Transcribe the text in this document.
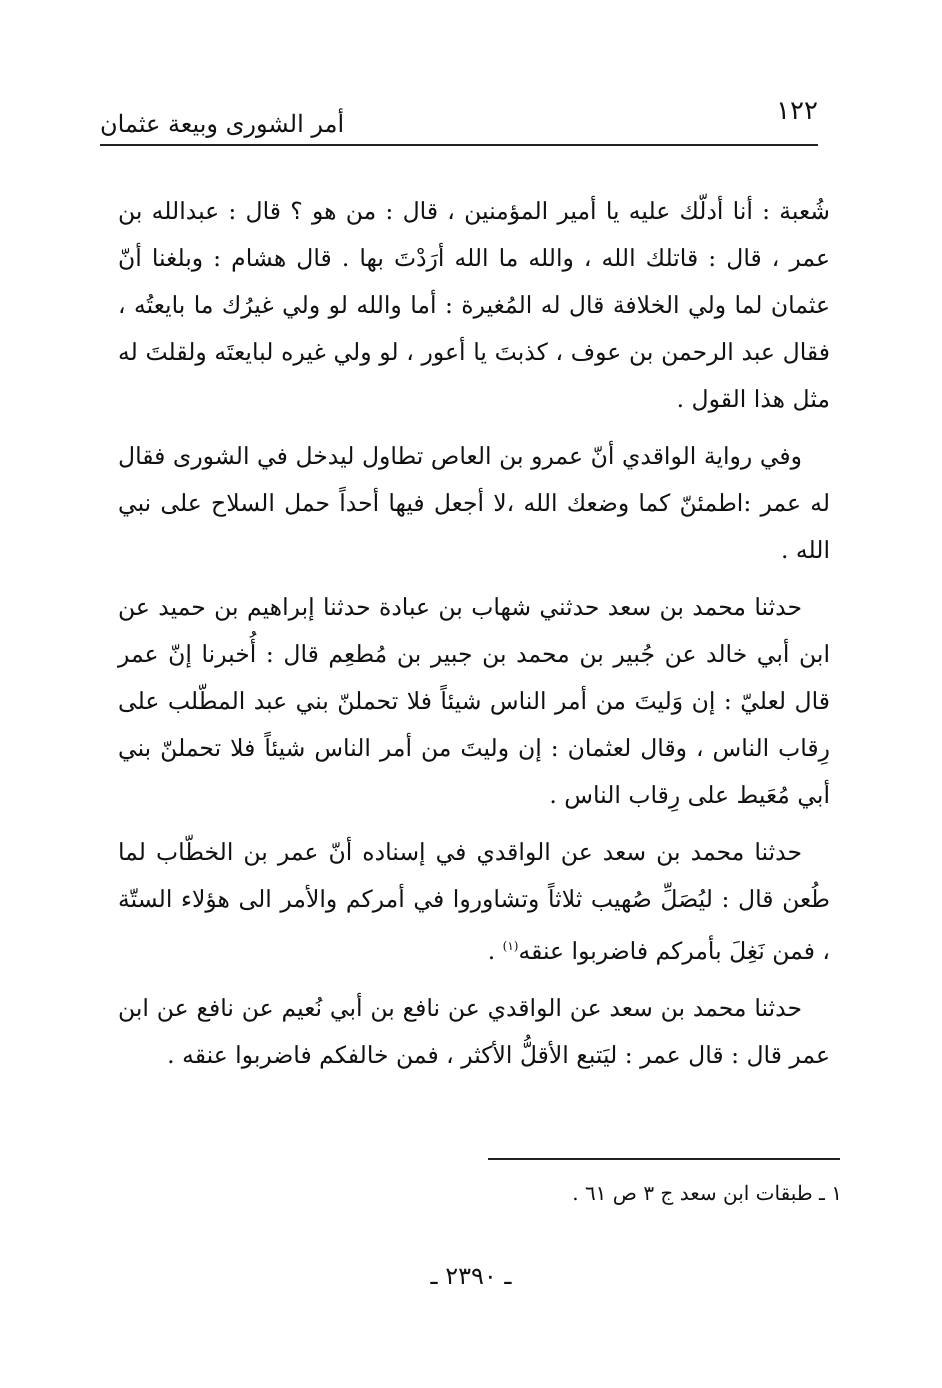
١٢٢
أمر الشورى وبيعة عثمان

شُعبة : أنا أدلّك عليه يا أمير المؤمنين ، قال : من هو ؟ قال : عبدالله بن عمر ، قال : قاتلك الله ، والله ما الله أرَدْتَ بها . قال هشام : وبلغنا أنّ عثمان لما ولي الخلافة قال له المُغيرة : أما والله لو ولي غيرُك ما بايعتُه ، فقال عبد الرحمن بن عوف ، كذبتَ يا أعور ، لو ولي غيره لبايعتَه ولقلتَ له مثل هذا القول .

وفي رواية الواقدي أنّ عمرو بن العاص تطاول ليدخل في الشورى فقال له عمر :اطمئنّ كما وضعك الله ،لا أجعل فيها أحداً حمل السلاح على نبي الله .

حدثنا محمد بن سعد حدثني شهاب بن عبادة حدثنا إبراهيم بن حميد عن ابن أبي خالد عن جُبير بن محمد بن جبير بن مُطعِم قال : أُخبرنا إنّ عمر قال لعليّ : إن وَليتَ من أمر الناس شيئاً فلا تحملنّ بني عبد المطّلب على رِقاب الناس ، وقال لعثمان : إن وليتَ من أمر الناس شيئاً فلا تحملنّ بني أبي مُعَيط على رِقاب الناس .

حدثنا محمد بن سعد عن الواقدي في إسناده أنّ عمر بن الخطّاب لما طُعن قال : ليُصَلِّ صُهيب ثلاثاً وتشاوروا في أمركم والأمر الى هؤلاء الستّة ، فمن نَغِلَ بأمركم فاضربوا عنقه$^{(١)}$ .

حدثنا محمد بن سعد عن الواقدي عن نافع بن أبي نُعيم عن نافع عن ابن عمر قال : قال عمر : ليَتبع الأقلُّ الأكثر ، فمن خالفكم فاضربوا عنقه .

١ ـ طبقات ابن سعد ج ٣ ص ٦١ .
ـ ٢٣٩٠ ـ
